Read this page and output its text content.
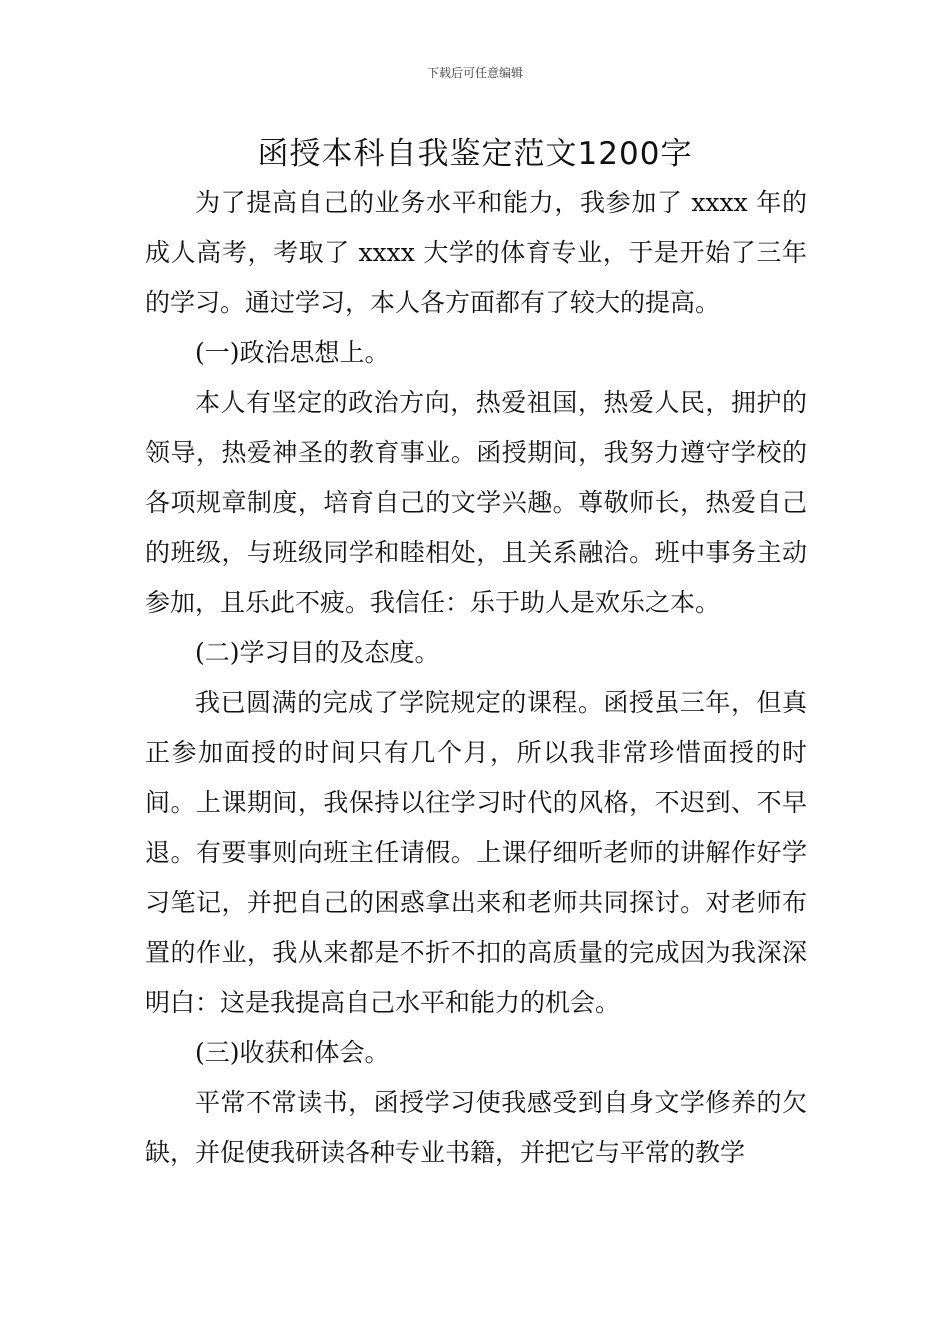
下载后可任意编辑
函授本科自我鉴定范文1200字

为了提高自己的业务水平和能力，我参加了 xxxx 年的成人高考，考取了 xxxx 大学的体育专业，于是开始了三年的学习。通过学习，本人各方面都有了较大的提高。

(一)政治思想上。

本人有坚定的政治方向，热爱祖国，热爱人民，拥护的领导，热爱神圣的教育事业。函授期间，我努力遵守学校的各项规章制度，培育自己的文学兴趣。尊敬师长，热爱自己的班级，与班级同学和睦相处，且关系融洽。班中事务主动参加，且乐此不疲。我信任：乐于助人是欢乐之本。

(二)学习目的及态度。

我已圆满的完成了学院规定的课程。函授虽三年，但真正参加面授的时间只有几个月，所以我非常珍惜面授的时间。上课期间，我保持以往学习时代的风格，不迟到、不早退。有要事则向班主任请假。上课仔细听老师的讲解作好学习笔记，并把自己的困惑拿出来和老师共同探讨。对老师布置的作业，我从来都是不折不扣的高质量的完成因为我深深明白：这是我提高自己水平和能力的机会。

(三)收获和体会。

平常不常读书，函授学习使我感受到自身文学修养的欠缺，并促使我研读各种专业书籍，并把它与平常的教学
